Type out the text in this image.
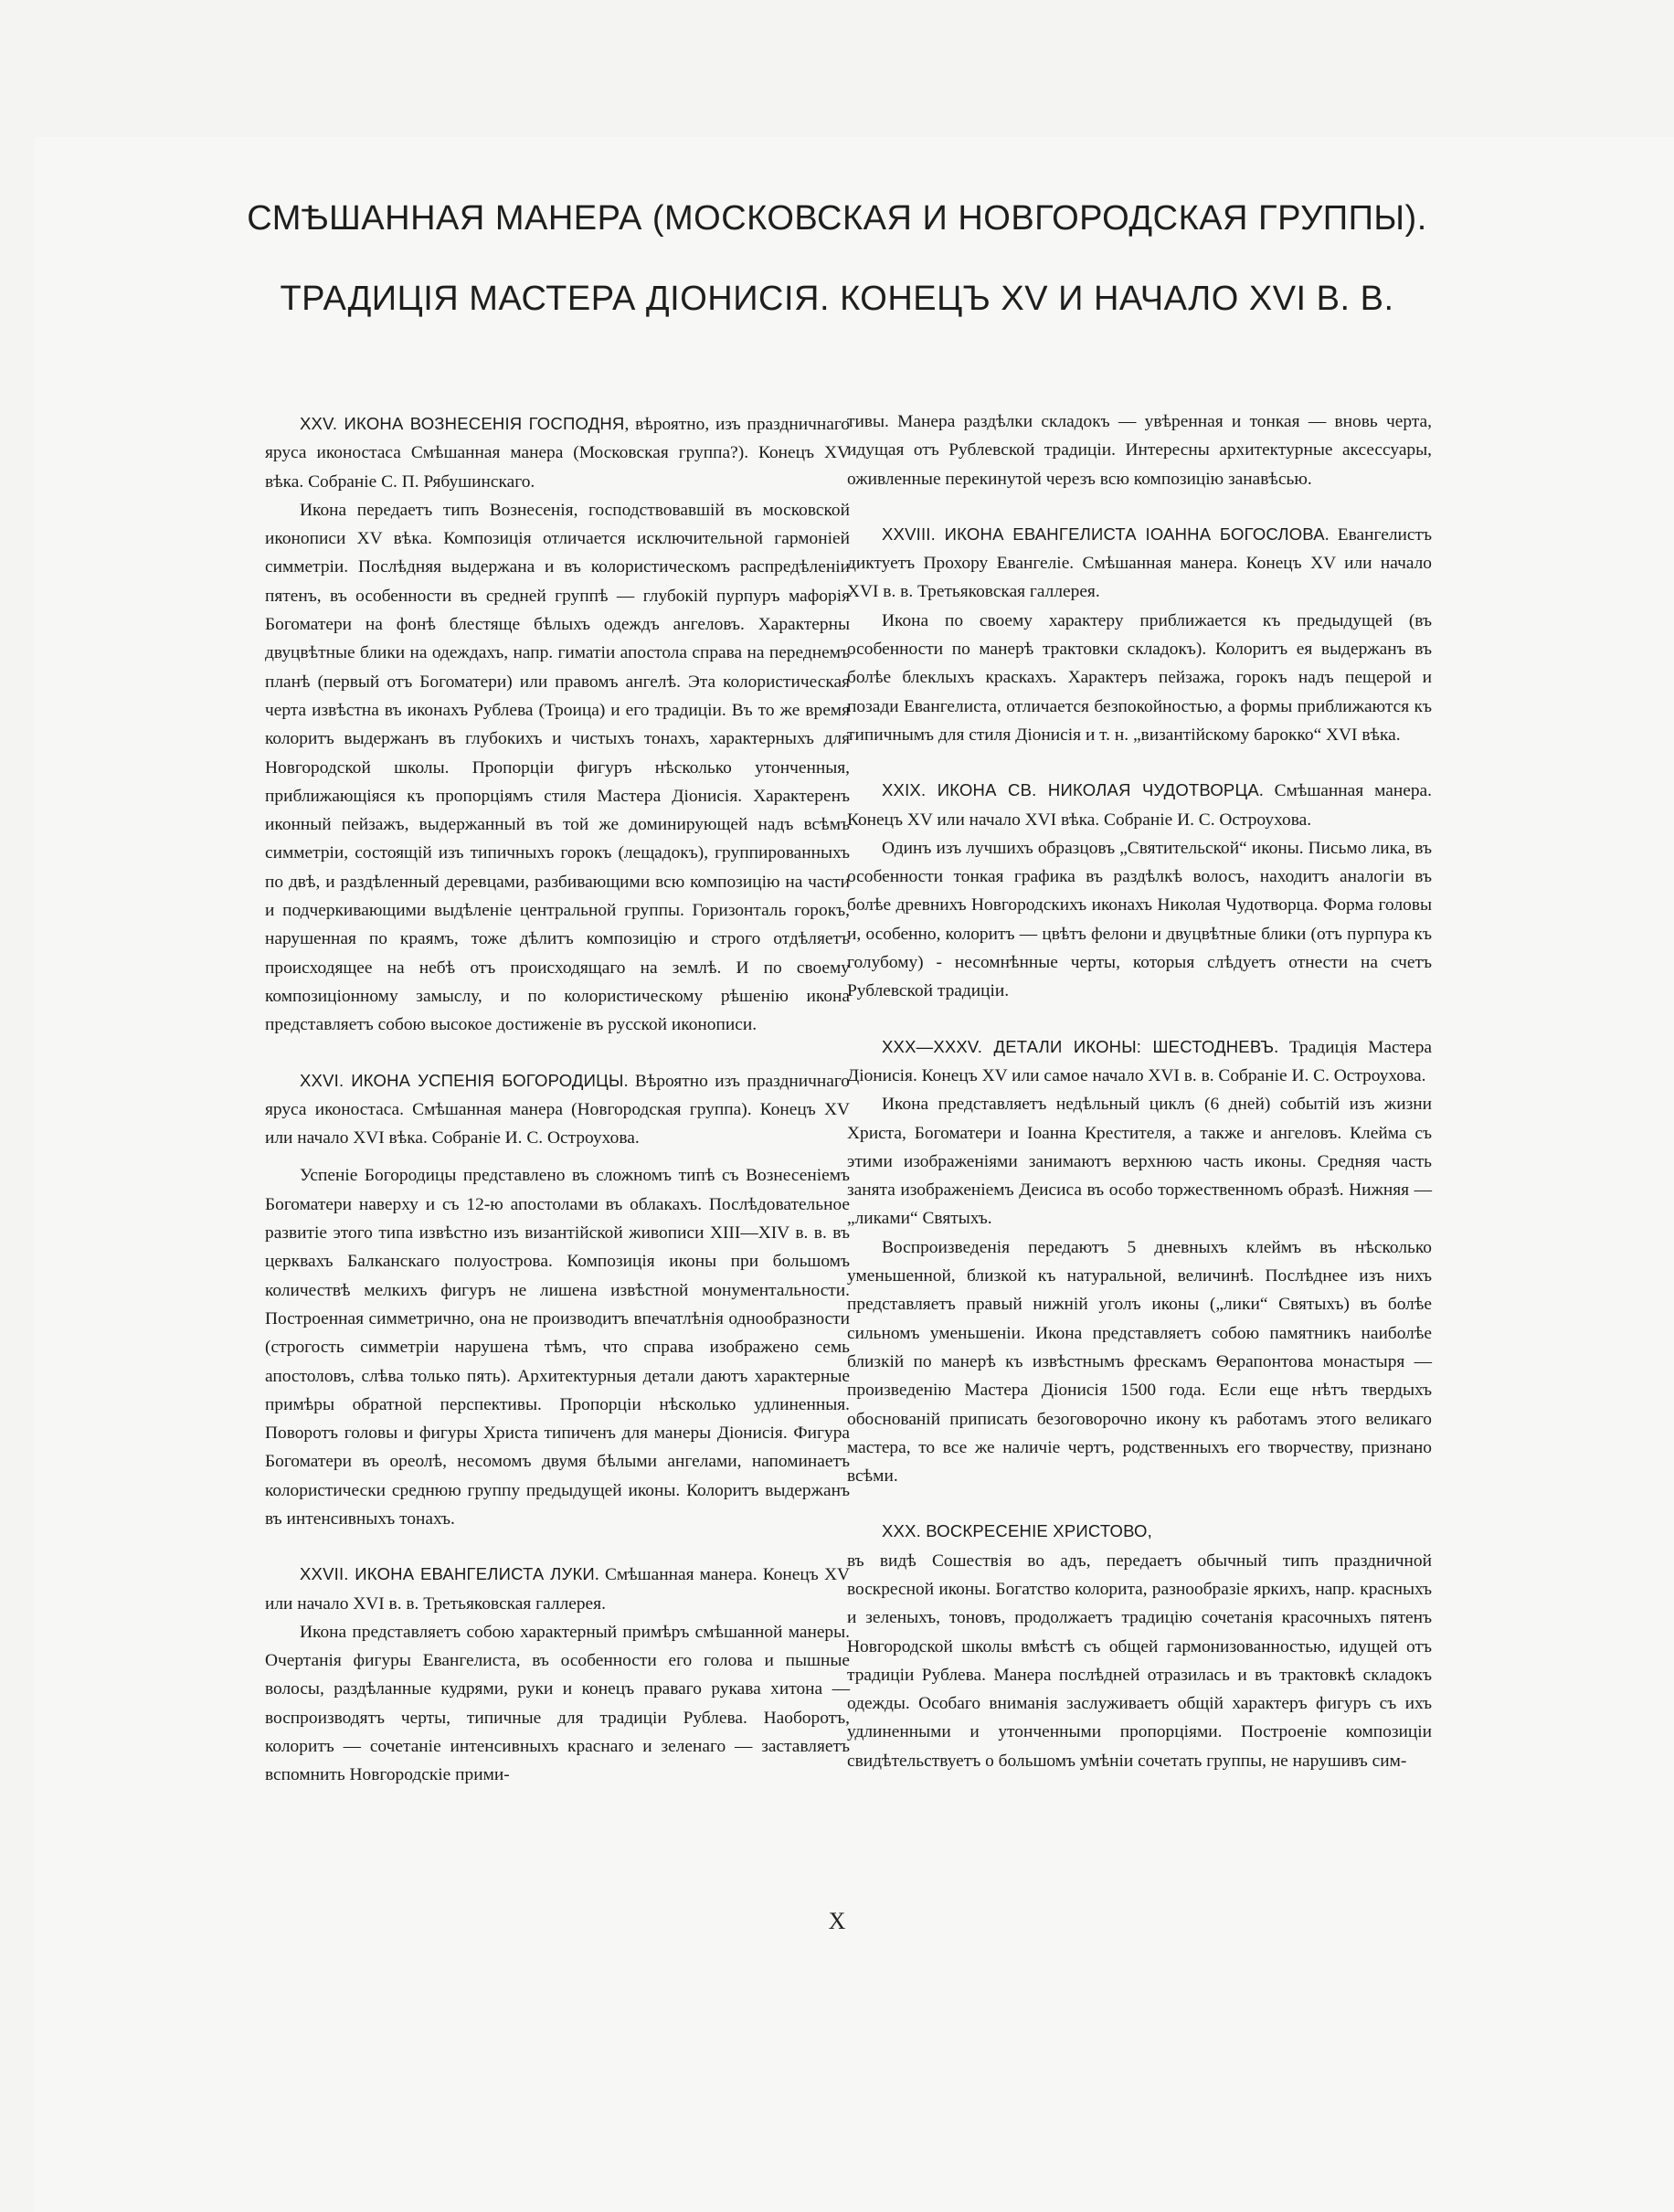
СМѢШАННАЯ МАНЕРА (МОСКОВСКАЯ И НОВГОРОДСКАЯ ГРУППЫ).
ТРАДИЦІЯ МАСТЕРА ДІОНИСІЯ. КОНЕЦЪ XV И НАЧАЛО XVI В. В.

XXV. ИКОНА ВОЗНЕСЕНІЯ ГОСПОДНЯ, вѣроятно, изъ праздничнаго яруса иконостаса Смѣшанная манера (Московская группа?). Конецъ XV вѣка. Собраніе С. П. Рябушинскаго.

Икона передаетъ типъ Вознесенія, господствовавшій въ московской иконописи XV вѣка. Композиція отличается исключительной гармоніей симметріи. Послѣдняя выдержана и въ колористическомъ распредѣленіи пятенъ, въ особенности въ средней группѣ — глубокій пурпуръ мафорія Богоматери на фонѣ блестяще бѣлыхъ одеждъ ангеловъ. Характерны двуцвѣтные блики на одеждахъ, напр. гиматіи апостола справа на переднемъ планѣ (первый отъ Богоматери) или правомъ ангелѣ. Эта колористическая черта извѣстна въ иконахъ Рублева (Троица) и его традиціи. Въ то же время колоритъ выдержанъ въ глубокихъ и чистыхъ тонахъ, характерныхъ для Новгородской школы. Пропорціи фигуръ нѣсколько утонченныя, приближающіяся къ пропорціямъ стиля Мастера Діонисія. Характеренъ иконный пейзажъ, выдержанный въ той же доминирующей надъ всѣмъ симметріи, состоящій изъ типичныхъ горокъ (лещадокъ), группированныхъ по двѣ, и раздѣленный деревцами, разбивающими всю композицію на части и подчеркивающими выдѣленіе центральной группы. Горизонталь горокъ, нарушенная по краямъ, тоже дѣлитъ композицію и строго отдѣляетъ происходящее на небѣ отъ происходящаго на землѣ. И по своему композиціонному замыслу, и по колористическому рѣшенію икона представляетъ собою высокое достиженіе въ русской иконописи.

XXVI. ИКОНА УСПЕНІЯ БОГОРОДИЦЫ. Вѣроятно изъ праздничнаго яруса иконостаса. Смѣшанная манера (Новгородская группа). Конецъ XV или начало XVI вѣка. Собраніе И. С. Остроухова.

Успеніе Богородицы представлено въ сложномъ типѣ съ Вознесеніемъ Богоматери наверху и съ 12-ю апостолами въ облакахъ. Послѣдовательное развитіе этого типа извѣстно изъ византійской живописи XIII—XIV в. в. въ церквахъ Балканскаго полуострова. Композиція иконы при большомъ количествѣ мелкихъ фигуръ не лишена извѣстной монументальности. Построенная симметрично, она не производитъ впечатлѣнія однообразности (строгость симметріи нарушена тѣмъ, что справа изображено семь апостоловъ, слѣва только пять). Архитектурныя детали даютъ характерные примѣры обратной перспективы. Пропорціи нѣсколько удлиненныя. Поворотъ головы и фигуры Христа типиченъ для манеры Діонисія. Фигура Богоматери въ ореолѣ, несомомъ двумя бѣлыми ангелами, напоминаетъ колористически среднюю группу предыдущей иконы. Колоритъ выдержанъ въ интенсивныхъ тонахъ.

XXVII. ИКОНА ЕВАНГЕЛИСТА ЛУКИ. Смѣшанная манера. Конецъ XV или начало XVI в. в. Третьяковская галлерея.

Икона представляетъ собою характерный примѣръ смѣшанной манеры. Очертанія фигуры Евангелиста, въ особенности его голова и пышные волосы, раздѣланные кудрями, руки и конецъ праваго рукава хитона — воспроизводятъ черты, типичные для традиціи Рублева. Наоборотъ, колоритъ — сочетаніе интенсивныхъ краснаго и зеленаго — заставляетъ вспомнить Новгородскіе прими-

тивы. Манера раздѣлки складокъ — увѣренная и тонкая — вновь черта, идущая отъ Рублевской традиціи. Интересны архитектурные аксессуары, оживленные перекинутой черезъ всю композицію занавѣсью.

XXVIII. ИКОНА ЕВАНГЕЛИСТА ІОАННА БОГОСЛОВА. Евангелистъ диктуетъ Прохору Евангеліе. Смѣшанная манера. Конецъ XV или начало XVI в. в. Третьяковская галлерея.

Икона по своему характеру приближается къ предыдущей (въ особенности по манерѣ трактовки складокъ). Колоритъ ея выдержанъ въ болѣе блеклыхъ краскахъ. Характеръ пейзажа, горокъ надъ пещерой и позади Евангелиста, отличается безпокойностью, а формы приближаются къ типичнымъ для стиля Діонисія и т. н. „византійскому барокко“ XVI вѣка.

XXIX. ИКОНА СВ. НИКОЛАЯ ЧУДОТВОРЦА. Смѣшанная манера. Конецъ XV или начало XVI вѣка. Собраніе И. С. Остроухова.

Одинъ изъ лучшихъ образцовъ „Святительской“ иконы. Письмо лика, въ особенности тонкая графика въ раздѣлкѣ волосъ, находитъ аналогіи въ болѣе древнихъ Новгородскихъ иконахъ Николая Чудотворца. Форма головы и, особенно, колоритъ — цвѣтъ фелони и двуцвѣтные блики (отъ пурпура къ голубому) - несомнѣнные черты, которыя слѣдуетъ отнести на счетъ Рублевской традиціи.

XXX—XXXV. ДЕТАЛИ ИКОНЫ: ШЕСТОДНЕВЪ. Традиція Мастера Діонисія. Конецъ XV или самое начало XVI в. в. Собраніе И. С. Остроухова.

Икона представляетъ недѣльный циклъ (6 дней) событій изъ жизни Христа, Богоматери и Іоанна Крестителя, а также и ангеловъ. Клейма съ этими изображеніями занимаютъ верхнюю часть иконы. Средняя часть занята изображеніемъ Деисиса въ особо торжественномъ образѣ. Нижняя — „ликами“ Святыхъ.

Воспроизведенія передаютъ 5 дневныхъ клеймъ въ нѣсколько уменьшенной, близкой къ натуральной, величинѣ. Послѣднее изъ нихъ представляетъ правый нижній уголъ иконы („лики“ Святыхъ) въ болѣе сильномъ уменьшеніи. Икона представляетъ собою памятникъ наиболѣе близкій по манерѣ къ извѣстнымъ фрескамъ Ѳерапонтова монастыря — произведенію Мастера Діонисія 1500 года. Если еще нѣтъ твердыхъ обоснованій приписать безоговорочно икону къ работамъ этого великаго мастера, то все же наличіе чертъ, родственныхъ его творчеству, признано всѣми.

XXX. ВОСКРЕСЕНІЕ ХРИСТОВО,

въ видѣ Сошествія во адъ, передаетъ обычный типъ праздничной воскресной иконы. Богатство колорита, разнообразіе яркихъ, напр. красныхъ и зеленыхъ, тоновъ, продолжаетъ традицію сочетанія красочныхъ пятенъ Новгородской школы вмѣстѣ съ общей гармонизованностью, идущей отъ традиціи Рублева. Манера послѣдней отразилась и въ трактовкѣ складокъ одежды. Особаго вниманія заслуживаетъ общій характеръ фигуръ съ ихъ удлиненными и утонченными пропорціями. Построеніе композиціи свидѣтельствуетъ о большомъ умѣніи сочетать группы, не нарушивъ сим-

X
